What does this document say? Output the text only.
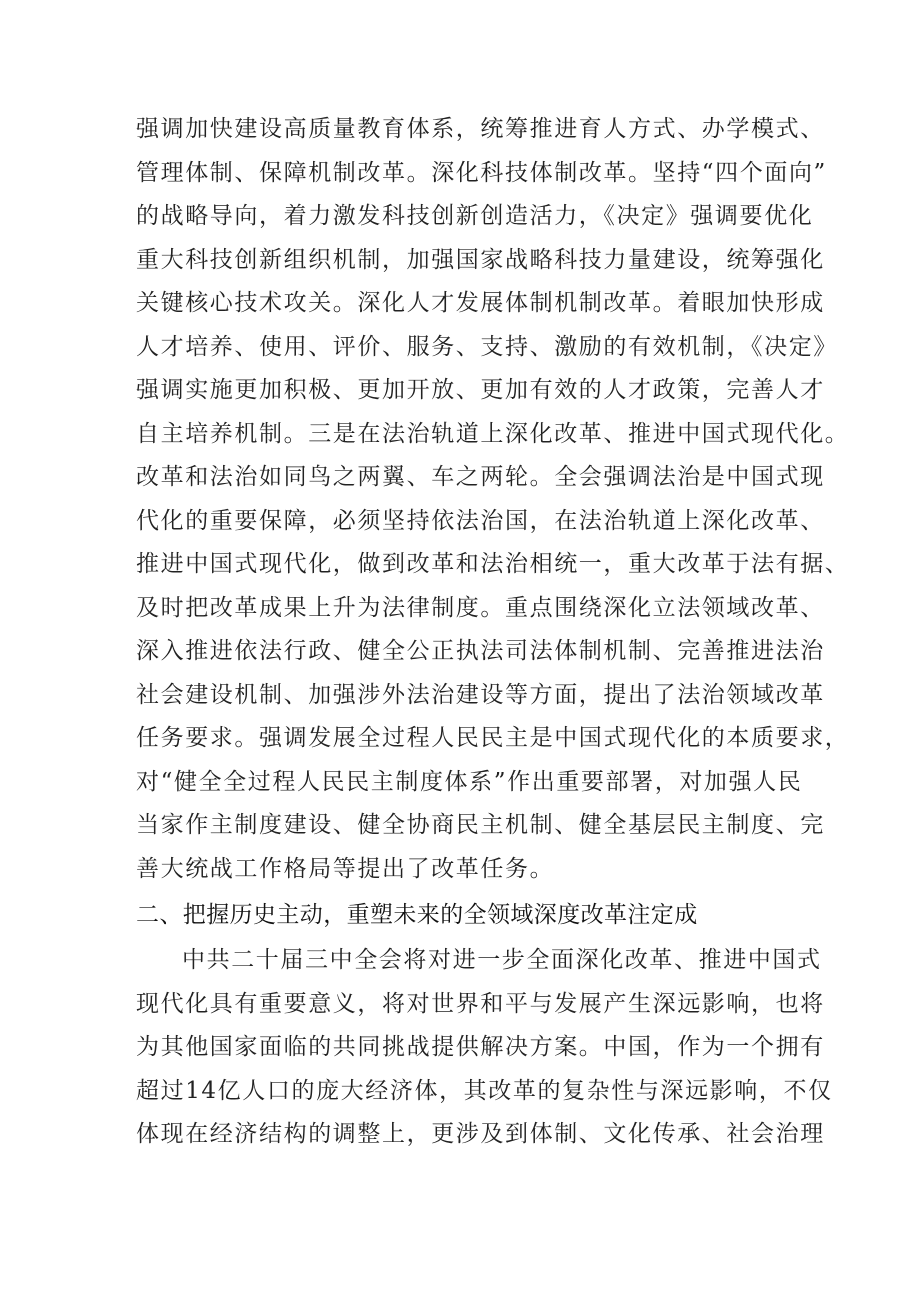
强调加快建设高质量教育体系，统筹推进育人方式、办学模式、
管理体制、保障机制改革。深化科技体制改革。坚持“四个面向”
的战略导向，着力激发科技创新创造活力，《决定》强调要优化
重大科技创新组织机制，加强国家战略科技力量建设，统筹强化
关键核心技术攻关。深化人才发展体制机制改革。着眼加快形成
人才培养、使用、评价、服务、支持、激励的有效机制，《决定》
强调实施更加积极、更加开放、更加有效的人才政策，完善人才
自主培养机制。三是在法治轨道上深化改革、推进中国式现代化。
改革和法治如同鸟之两翼、车之两轮。全会强调法治是中国式现
代化的重要保障，必须坚持依法治国，在法治轨道上深化改革、
推进中国式现代化，做到改革和法治相统一，重大改革于法有据、
及时把改革成果上升为法律制度。重点围绕深化立法领域改革、
深入推进依法行政、健全公正执法司法体制机制、完善推进法治
社会建设机制、加强涉外法治建设等方面，提出了法治领域改革
任务要求。强调发展全过程人民民主是中国式现代化的本质要求，
对“健全全过程人民民主制度体系”作出重要部署，对加强人民
当家作主制度建设、健全协商民主机制、健全基层民主制度、完
善大统战工作格局等提出了改革任务。
二、把握历史主动，重塑未来的全领域深度改革注定成
中共二十届三中全会将对进一步全面深化改革、推进中国式
现代化具有重要意义，将对世界和平与发展产生深远影响，也将
为其他国家面临的共同挑战提供解决方案。中国，作为一个拥有
超过14亿人口的庞大经济体，其改革的复杂性与深远影响，不仅
体现在经济结构的调整上，更涉及到体制、文化传承、社会治理
